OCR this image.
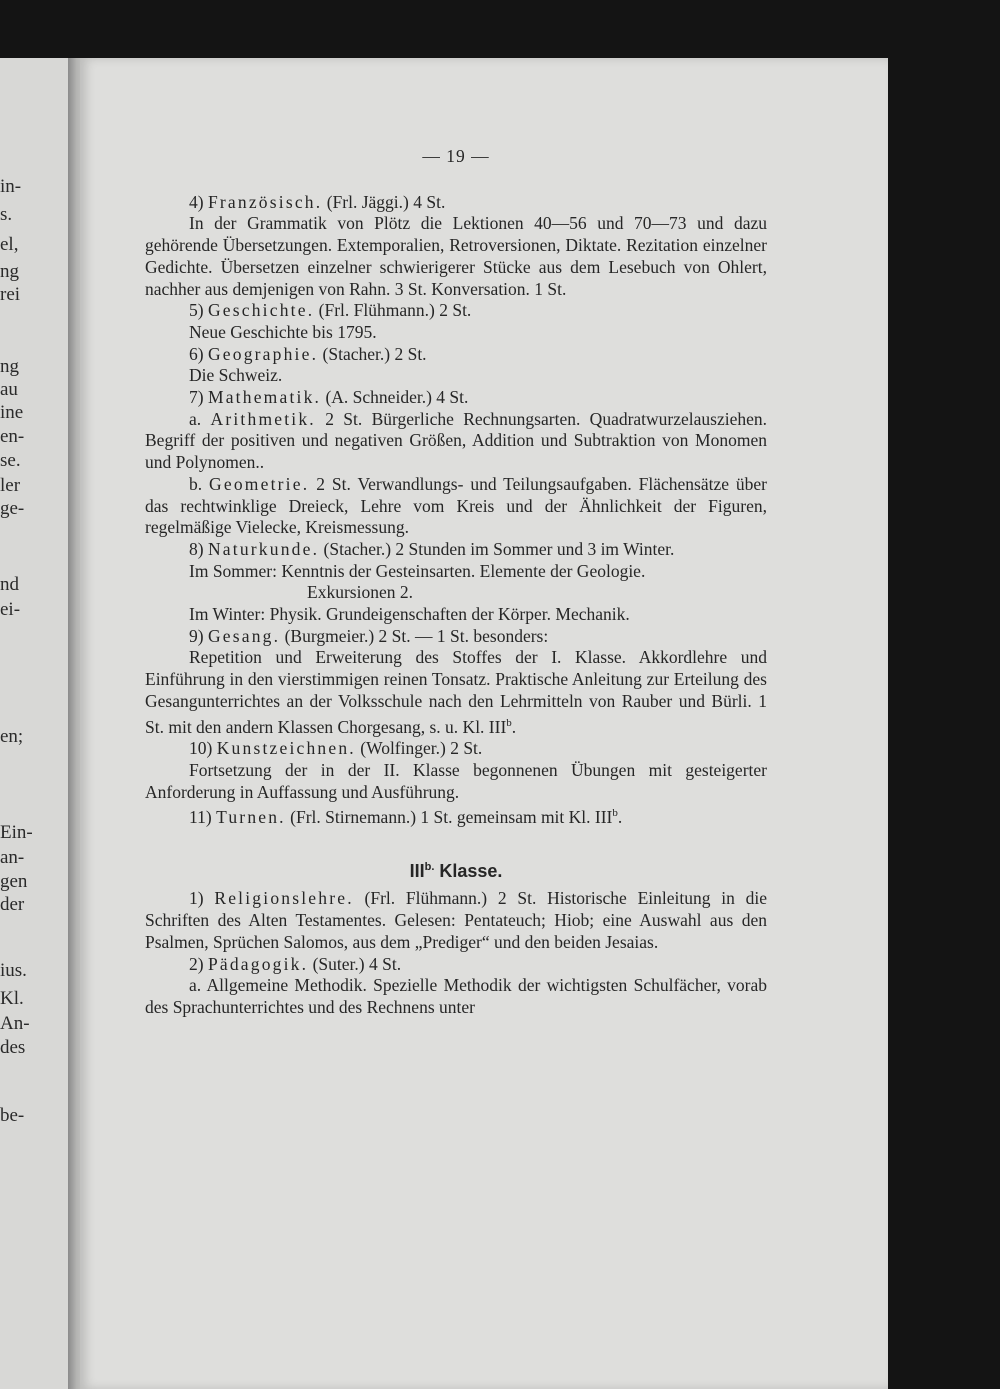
in-
s.
el,
ng
rei
ng
au
ine
en-
se.
ler
ge-
nd
ei-
en;
Ein-
an-
gen
der
ius.
Kl.
An-
des
be-

— 19 —

4) Französisch. (Frl. Jäggi.) 4 St.

In der Grammatik von Plötz die Lektionen 40—56 und 70—73 und dazu gehörende Übersetzungen. Extemporalien, Retroversionen, Diktate. Rezitation einzelner Gedichte. Übersetzen einzelner schwierigerer Stücke aus dem Lesebuch von Ohlert, nachher aus demjenigen von Rahn. 3 St. Konversation. 1 St.

5) Geschichte. (Frl. Flühmann.) 2 St.

Neue Geschichte bis 1795.

6) Geographie. (Stacher.) 2 St.

Die Schweiz.

7) Mathematik. (A. Schneider.) 4 St.

a. Arithmetik. 2 St. Bürgerliche Rechnungsarten. Quadratwurzelausziehen. Begriff der positiven und negativen Größen, Addition und Subtraktion von Monomen und Polynomen..

b. Geometrie. 2 St. Verwandlungs- und Teilungsaufgaben. Flächensätze über das rechtwinklige Dreieck, Lehre vom Kreis und der Ähnlichkeit der Figuren, regelmäßige Vielecke, Kreismessung.

8) Naturkunde. (Stacher.) 2 Stunden im Sommer und 3 im Winter.

Im Sommer: Kenntnis der Gesteinsarten. Elemente der Geologie.

Exkursionen 2.

Im Winter: Physik. Grundeigenschaften der Körper. Mechanik.

9) Gesang. (Burgmeier.) 2 St. — 1 St. besonders:

Repetition und Erweiterung des Stoffes der I. Klasse. Akkordlehre und Einführung in den vierstimmigen reinen Tonsatz. Praktische Anleitung zur Erteilung des Gesangunterrichtes an der Volksschule nach den Lehrmitteln von Rauber und Bürli. 1 St. mit den andern Klassen Chorgesang, s. u. Kl. III$^b$.

10) Kunstzeichnen. (Wolfinger.) 2 St.

Fortsetzung der in der II. Klasse begonnenen Übungen mit gesteigerter Anforderung in Auffassung und Ausführung.

11) Turnen. (Frl. Stirnemann.) 1 St. gemeinsam mit Kl. III$^b$.

$III^{b.}$ Klasse.

1) Religionslehre. (Frl. Flühmann.) 2 St. Historische Einleitung in die Schriften des Alten Testamentes. Gelesen: Pentateuch; Hiob; eine Auswahl aus den Psalmen, Sprüchen Salomos, aus dem „Prediger“ und den beiden Jesaias.

2) Pädagogik. (Suter.) 4 St.

a. Allgemeine Methodik. Spezielle Methodik der wichtigsten Schulfächer, vorab des Sprachunterrichtes und des Rechnens unter
